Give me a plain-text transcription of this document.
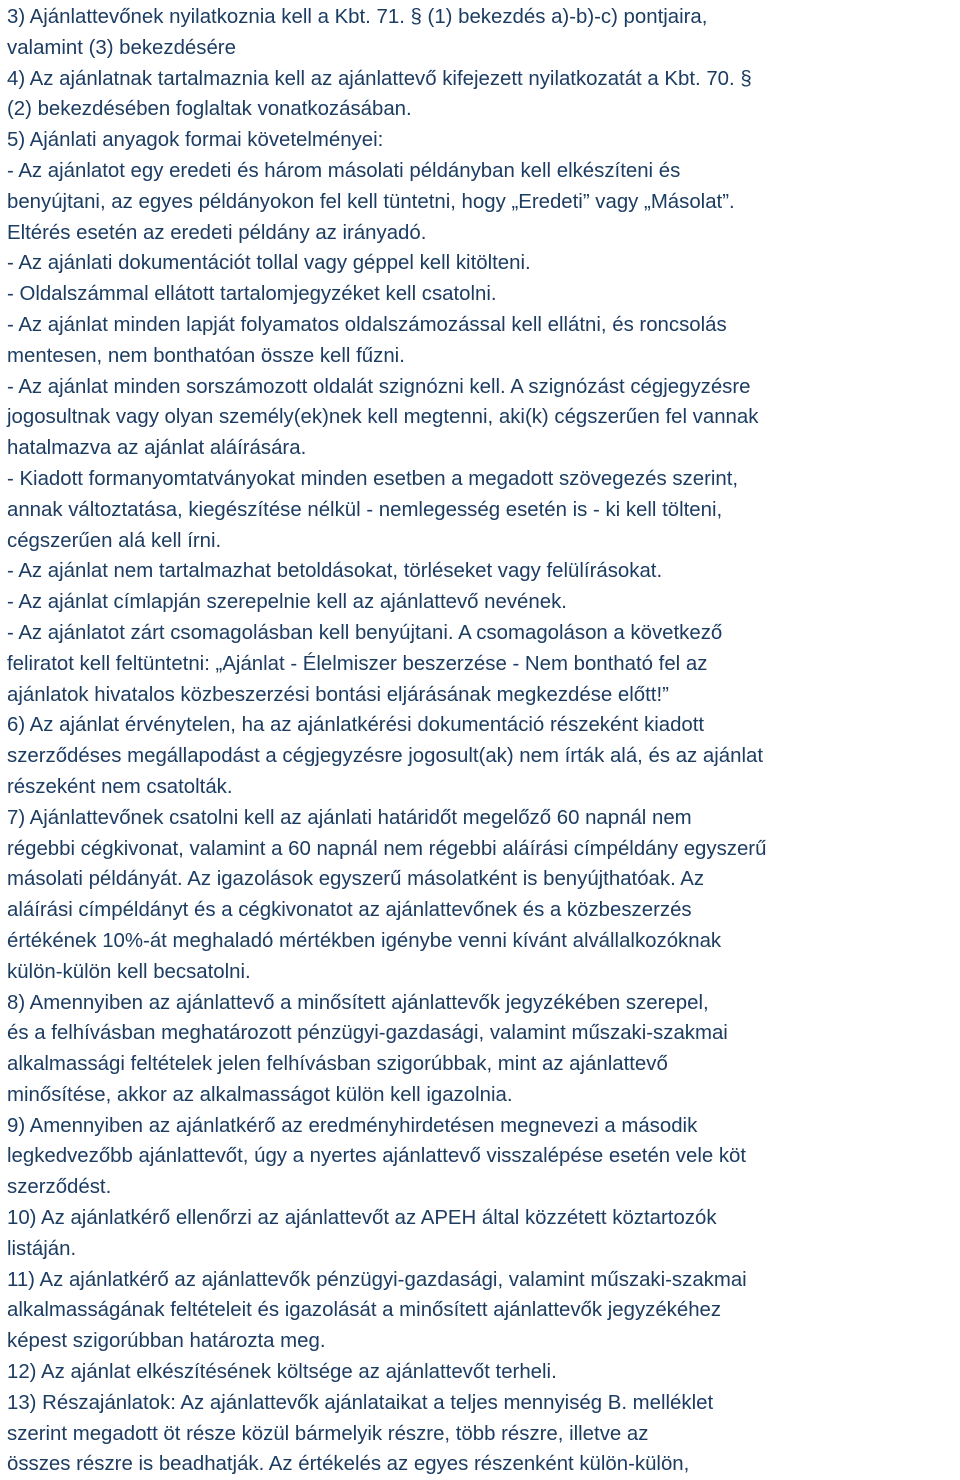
3) Ajánlattevőnek nyilatkoznia kell a Kbt. 71. § (1) bekezdés a)-b)-c) pontjaira,
valamint (3) bekezdésére
4) Az ajánlatnak tartalmaznia kell az ajánlattevő kifejezett nyilatkozatát a Kbt. 70. §
(2) bekezdésében foglaltak vonatkozásában.
5) Ajánlati anyagok formai követelményei:
- Az ajánlatot egy eredeti és három másolati példányban kell elkészíteni és
benyújtani, az egyes példányokon fel kell tüntetni, hogy „Eredeti” vagy „Másolat”.
Eltérés esetén az eredeti példány az irányadó.
- Az ajánlati dokumentációt tollal vagy géppel kell kitölteni.
- Oldalszámmal ellátott tartalomjegyzéket kell csatolni.
- Az ajánlat minden lapját folyamatos oldalszámozással kell ellátni, és roncsolás
mentesen, nem bonthatóan össze kell fűzni.
- Az ajánlat minden sorszámozott oldalát szignózni kell. A szignózást cégjegyzésre
jogosultnak vagy olyan személy(ek)nek kell megtenni, aki(k) cégszerűen fel vannak
hatalmazva az ajánlat aláírására.
- Kiadott formanyomtatványokat minden esetben a megadott szövegezés szerint,
annak változtatása, kiegészítése nélkül - nemlegesség esetén is - ki kell tölteni,
cégszerűen alá kell írni.
- Az ajánlat nem tartalmazhat betoldásokat, törléseket vagy felülírásokat.
- Az ajánlat címlapján szerepelnie kell az ajánlattevő nevének.
- Az ajánlatot zárt csomagolásban kell benyújtani. A csomagoláson a következő
feliratot kell feltüntetni: „Ajánlat - Élelmiszer beszerzése - Nem bontható fel az
ajánlatok hivatalos közbeszerzési bontási eljárásának megkezdése előtt!”
6) Az ajánlat érvénytelen, ha az ajánlatkérési dokumentáció részeként kiadott
szerződéses megállapodást a cégjegyzésre jogosult(ak) nem írták alá, és az ajánlat
részeként nem csatolták.
7) Ajánlattevőnek csatolni kell az ajánlati határidőt megelőző 60 napnál nem
régebbi cégkivonat, valamint a 60 napnál nem régebbi aláírási címpéldány egyszerű
másolati példányát. Az igazolások egyszerű másolatként is benyújthatóak. Az
aláírási címpéldányt és a cégkivonatot az ajánlattevőnek és a közbeszerzés
értékének 10%-át meghaladó mértékben igénybe venni kívánt alvállalkozóknak
külön-külön kell becsatolni.
8) Amennyiben az ajánlattevő a minősített ajánlattevők jegyzékében szerepel,
és a felhívásban meghatározott pénzügyi-gazdasági, valamint műszaki-szakmai
alkalmassági feltételek jelen felhívásban szigorúbbak, mint az ajánlattevő
minősítése, akkor az alkalmasságot külön kell igazolnia.
9) Amennyiben az ajánlatkérő az eredményhirdetésen megnevezi a második
legkedvezőbb ajánlattevőt, úgy a nyertes ajánlattevő visszalépése esetén vele köt
szerződést.
10) Az ajánlatkérő ellenőrzi az ajánlattevőt az APEH által közzétett köztartozók
listáján.
11) Az ajánlatkérő az ajánlattevők pénzügyi-gazdasági, valamint műszaki-szakmai
alkalmasságának feltételeit és igazolását a minősített ajánlattevők jegyzékéhez
képest szigorúbban határozta meg.
12) Az ajánlat elkészítésének költsége az ajánlattevőt terheli.
13) Részajánlatok: Az ajánlattevők ajánlataikat a teljes mennyiség B. melléklet
szerint megadott öt része közül bármelyik részre, több részre, illetve az
összes részre is beadhatják. Az értékelés az egyes részenként külön-külön,
